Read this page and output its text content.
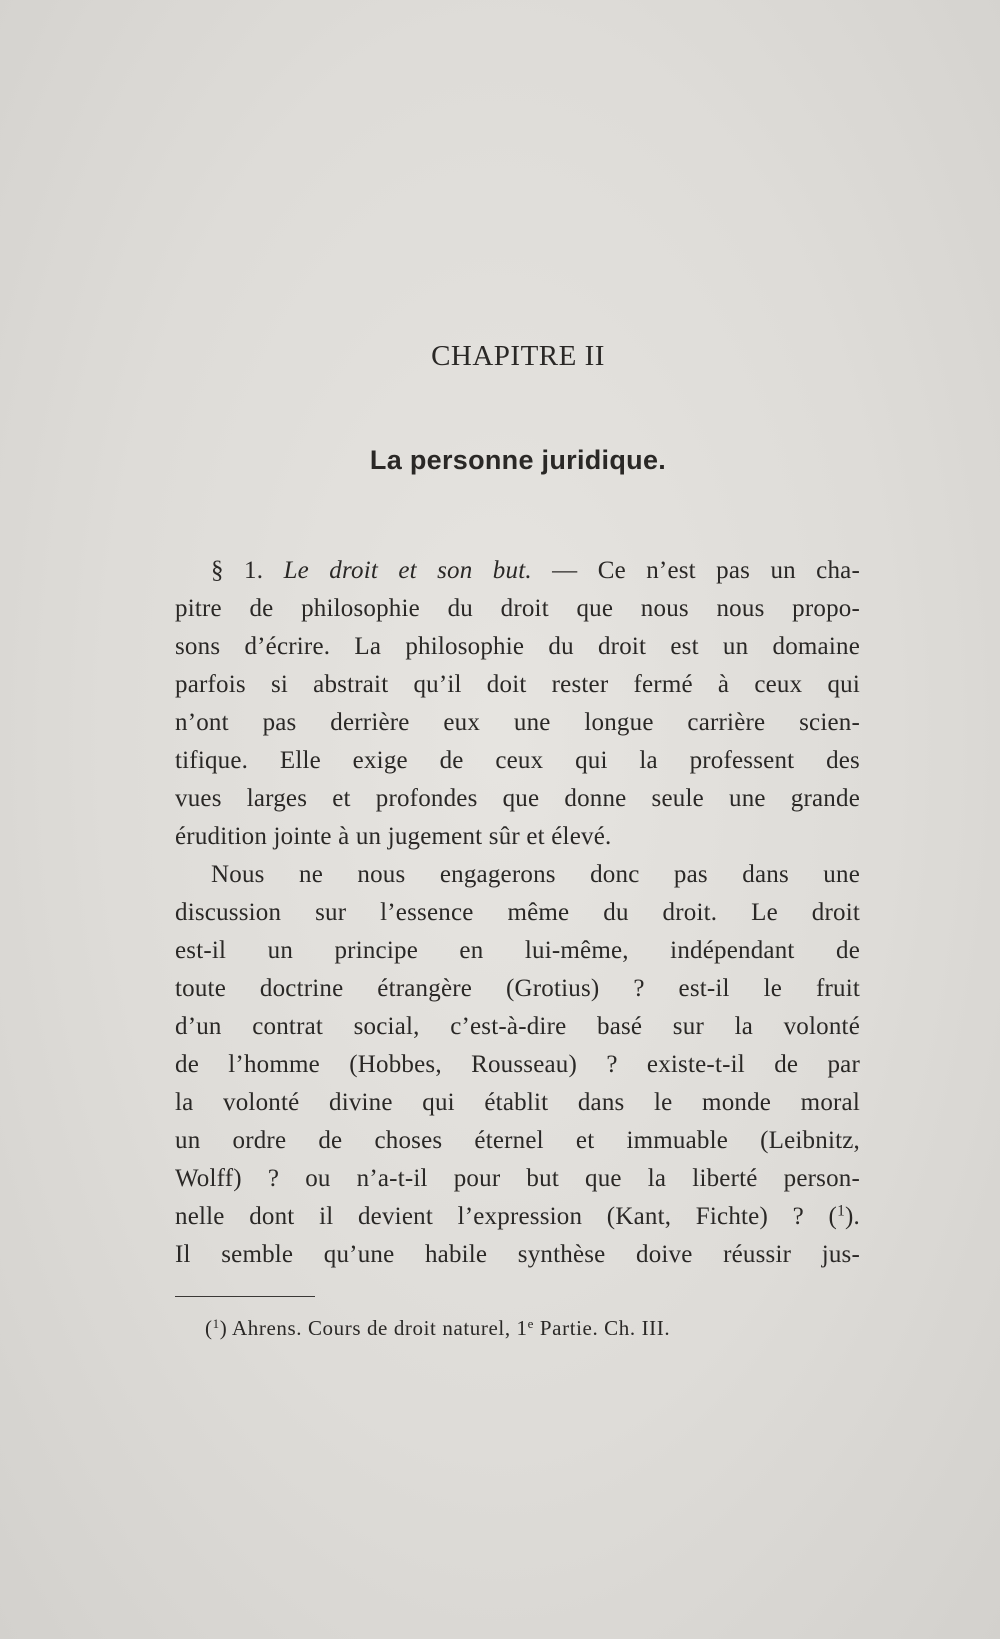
CHAPITRE II
La personne juridique.
§ 1. Le droit et son but. — Ce n’est pas un cha-
pitre de philosophie du droit que nous nous propo-
sons d’écrire. La philosophie du droit est un domaine
parfois si abstrait qu’il doit rester fermé à ceux qui
n’ont pas derrière eux une longue carrière scien-
tifique. Elle exige de ceux qui la professent des
vues larges et profondes que donne seule une grande
érudition jointe à un jugement sûr et élevé.
Nous ne nous engagerons donc pas dans une
discussion sur l’essence même du droit. Le droit
est-il un principe en lui-même, indépendant de
toute doctrine étrangère (Grotius) ? est-il le fruit
d’un contrat social, c’est-à-dire basé sur la volonté
de l’homme (Hobbes, Rousseau) ? existe-t-il de par
la volonté divine qui établit dans le monde moral
un ordre de choses éternel et immuable (Leibnitz,
Wolff) ? ou n’a-t-il pour but que la liberté person-
nelle dont il devient l’expression (Kant, Fichte) ? ($^1$).
Il semble qu’une habile synthèse doive réussir jus-
($^1$) Ahrens. Cours de droit naturel, 1e Partie. Ch. III.
